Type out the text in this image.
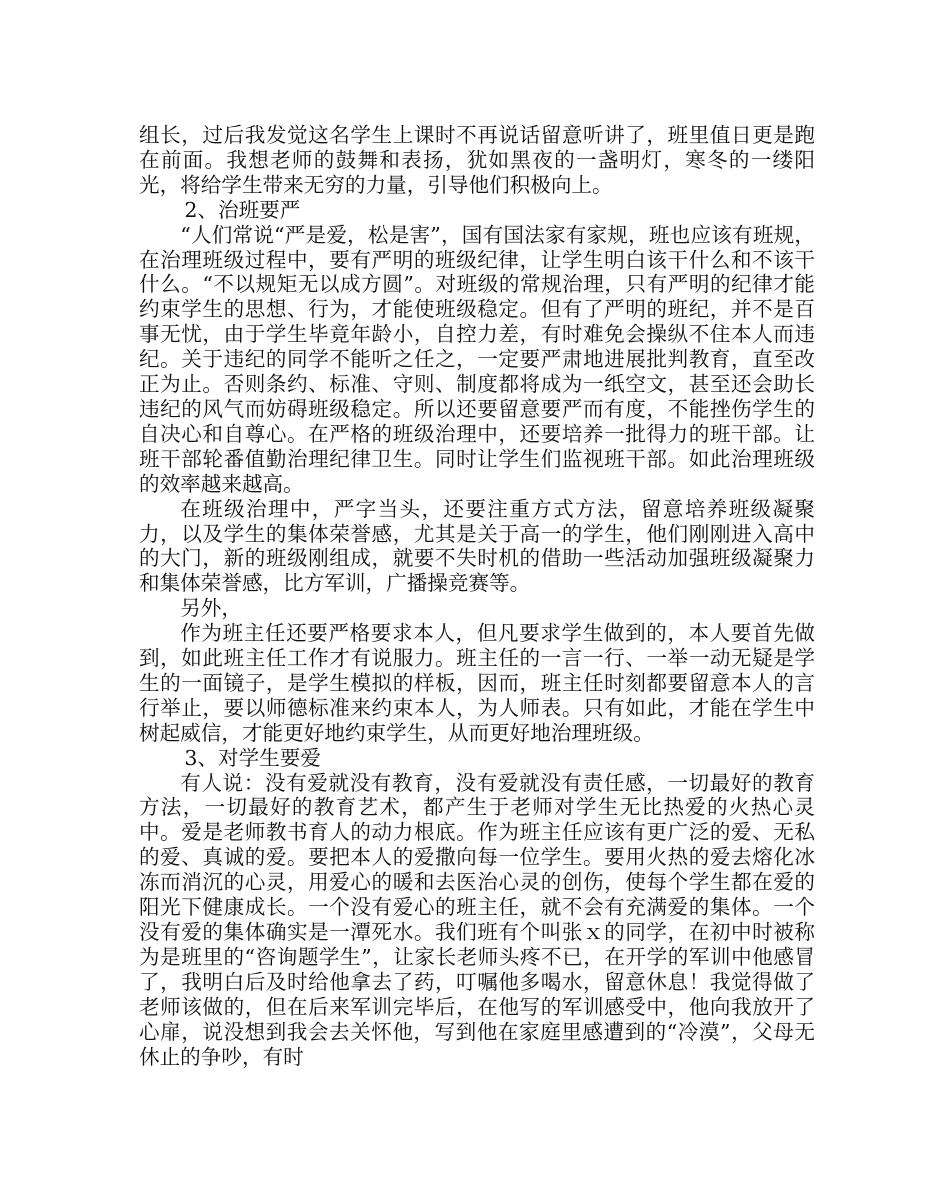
组长，过后我发觉这名学生上课时不再说话留意听讲了，班里值日更是跑在前面。我想老师的鼓舞和表扬，犹如黑夜的一盏明灯，寒冬的一缕阳光，将给学生带来无穷的力量，引导他们积极向上。

2、治班要严

“人们常说“严是爱，松是害”，国有国法家有家规，班也应该有班规，在治理班级过程中，要有严明的班级纪律，让学生明白该干什么和不该干什么。“不以规矩无以成方圆”。对班级的常规治理，只有严明的纪律才能约束学生的思想、行为，才能使班级稳定。但有了严明的班纪，并不是百事无忧，由于学生毕竟年龄小，自控力差，有时难免会操纵不住本人而违纪。关于违纪的同学不能听之任之，一定要严肃地进展批判教育，直至改正为止。否则条约、标准、守则、制度都将成为一纸空文，甚至还会助长违纪的风气而妨碍班级稳定。所以还要留意要严而有度，不能挫伤学生的自决心和自尊心。在严格的班级治理中，还要培养一批得力的班干部。让班干部轮番值勤治理纪律卫生。同时让学生们监视班干部。如此治理班级的效率越来越高。

在班级治理中，严字当头，还要注重方式方法，留意培养班级凝聚力，以及学生的集体荣誉感，尤其是关于高一的学生，他们刚刚进入高中的大门，新的班级刚组成，就要不失时机的借助一些活动加强班级凝聚力和集体荣誉感，比方军训，广播操竞赛等。

另外，

作为班主任还要严格要求本人，但凡要求学生做到的，本人要首先做到，如此班主任工作才有说服力。班主任的一言一行、一举一动无疑是学生的一面镜子，是学生模拟的样板，因而，班主任时刻都要留意本人的言行举止，要以师德标准来约束本人，为人师表。只有如此，才能在学生中树起威信，才能更好地约束学生，从而更好地治理班级。

3、对学生要爱

有人说：没有爱就没有教育，没有爱就没有责任感，一切最好的教育方法，一切最好的教育艺术，都产生于老师对学生无比热爱的火热心灵中。爱是老师教书育人的动力根底。作为班主任应该有更广泛的爱、无私的爱、真诚的爱。要把本人的爱撒向每一位学生。要用火热的爱去熔化冰冻而消沉的心灵，用爱心的暖和去医治心灵的创伤，使每个学生都在爱的阳光下健康成长。一个没有爱心的班主任，就不会有充满爱的集体。一个没有爱的集体确实是一潭死水。我们班有个叫张ｘ的同学，在初中时被称为是班里的“咨询题学生”，让家长老师头疼不已，在开学的军训中他感冒了，我明白后及时给他拿去了药，叮嘱他多喝水，留意休息！我觉得做了老师该做的，但在后来军训完毕后，在他写的军训感受中，他向我放开了心扉，说没想到我会去关怀他，写到他在家庭里感遭到的“冷漠”，父母无休止的争吵，有时
